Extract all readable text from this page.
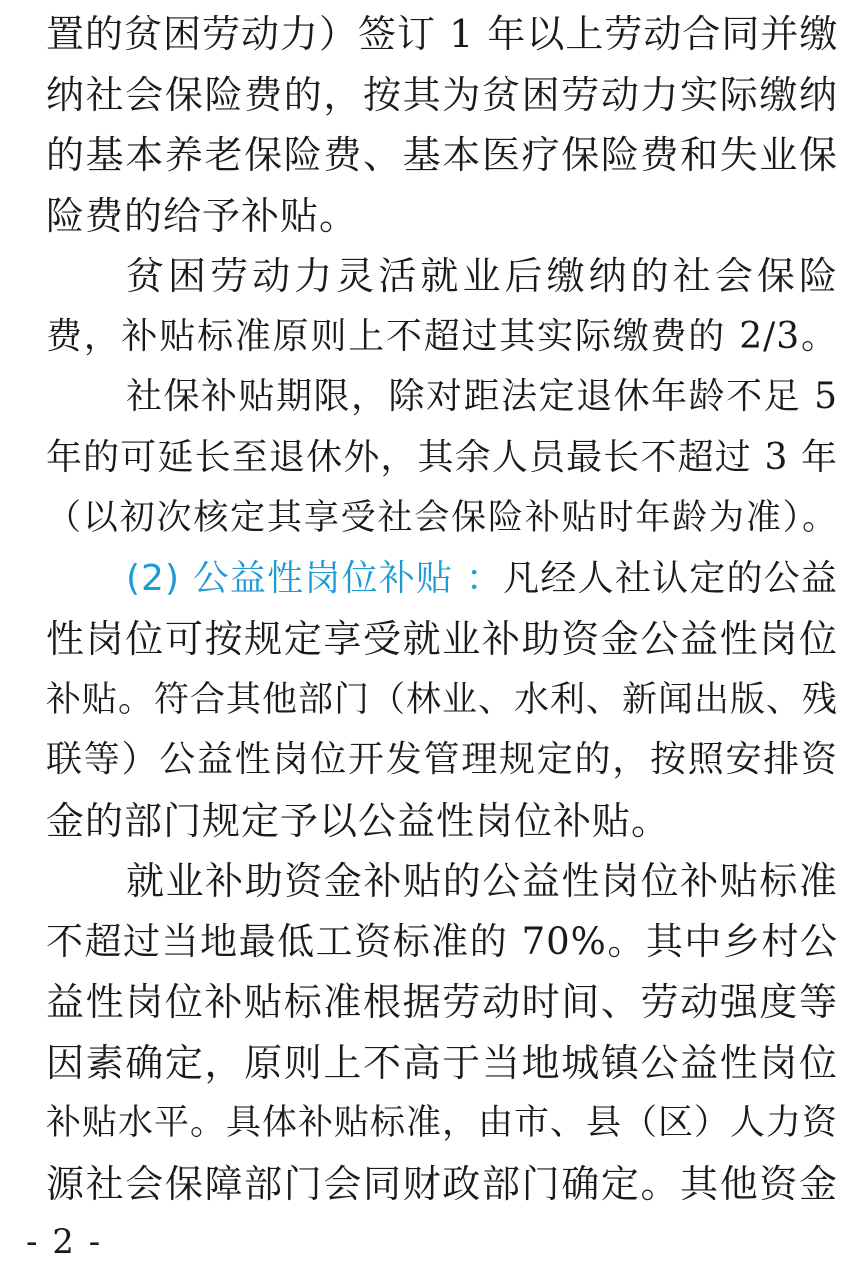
置的贫困劳动力）签订 1 年以上劳动合同并缴
纳社会保险费的，按其为贫困劳动力实际缴纳
的基本养老保险费、基本医疗保险费和失业保
险费的给予补贴。
贫困劳动力灵活就业后缴纳的社会保险
费，补贴标准原则上不超过其实际缴费的 2/3。
社保补贴期限，除对距法定退休年龄不足 5
年的可延长至退休外，其余人员最长不超过 3 年
（以初次核定其享受社会保险补贴时年龄为准）。
(2) 公益性岗位补贴 ：凡经人社认定的公益
性岗位可按规定享受就业补助资金公益性岗位
补贴。符合其他部门（林业、水利、新闻出版、残
联等）公益性岗位开发管理规定的，按照安排资
金的部门规定予以公益性岗位补贴。
就业补助资金补贴的公益性岗位补贴标准
不超过当地最低工资标准的 70%。其中乡村公
益性岗位补贴标准根据劳动时间、劳动强度等
因素确定，原则上不高于当地城镇公益性岗位
补贴水平。具体补贴标准，由市、县（区）人力资
源社会保障部门会同财政部门确定。其他资金
- 2 -
